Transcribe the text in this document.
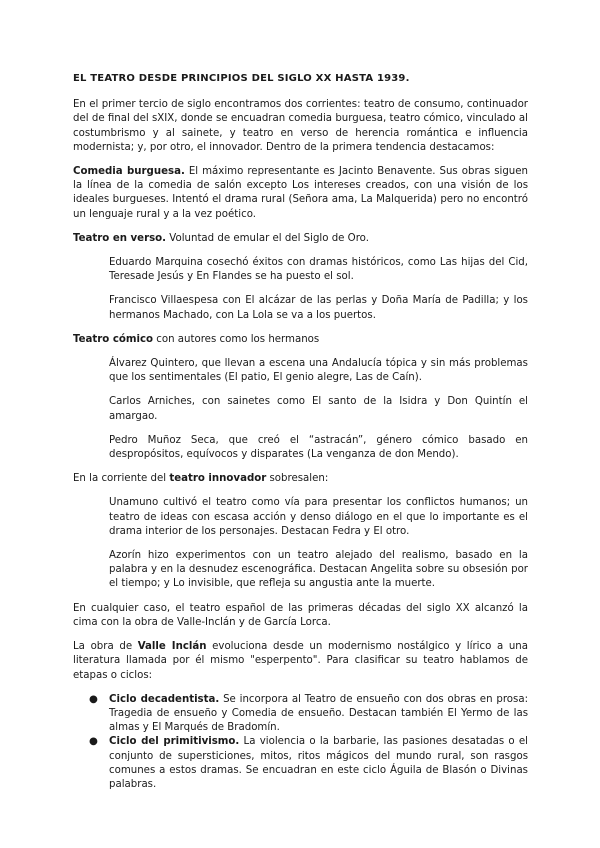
EL TEATRO DESDE PRINCIPIOS DEL SIGLO XX HASTA 1939.

En el primer tercio de siglo encontramos dos corrientes: teatro de consumo, continuador del de final del sXIX, donde se encuadran comedia burguesa, teatro cómico, vinculado al costumbrismo y al sainete, y teatro en verso de herencia romántica e influencia modernista; y, por otro, el innovador. Dentro de la primera tendencia destacamos:

Comedia burguesa. El máximo representante es Jacinto Benavente. Sus obras siguen la línea de la comedia de salón excepto Los intereses creados, con una visión de los ideales burgueses. Intentó el drama rural (Señora ama, La Malquerida) pero no encontró un lenguaje rural y a la vez poético.

Teatro en verso. Voluntad de emular el del Siglo de Oro.

Eduardo Marquina cosechó éxitos con dramas históricos, como Las hijas del Cid, Teresade Jesús y En Flandes se ha puesto el sol.

Francisco Villaespesa con El alcázar de las perlas y Doña María de Padilla; y los hermanos Machado, con La Lola se va a los puertos.

Teatro cómico con autores como los hermanos

Álvarez Quintero, que llevan a escena una Andalucía tópica y sin más problemas que los sentimentales (El patio, El genio alegre, Las de Caín).

Carlos Arniches, con sainetes como El santo de la Isidra y Don Quintín el amargao.

Pedro Muñoz Seca, que creó el “astracán”, género cómico basado en despropósitos, equívocos y disparates (La venganza de don Mendo).

En la corriente del teatro innovador sobresalen:

Unamuno cultivó el teatro como vía para presentar los conflictos humanos; un teatro de ideas con escasa acción y denso diálogo en el que lo importante es el drama interior de los personajes. Destacan Fedra y El otro.

Azorín hizo experimentos con un teatro alejado del realismo, basado en la palabra y en la desnudez escenográfica. Destacan Angelita sobre su obsesión por el tiempo; y Lo invisible, que refleja su angustia ante la muerte.

En cualquier caso, el teatro español de las primeras décadas del siglo XX alcanzó la cima con la obra de Valle-Inclán y de García Lorca.

La obra de Valle Inclán evoluciona desde un modernismo nostálgico y lírico a una literatura llamada por él mismo "esperpento". Para clasificar su teatro hablamos de etapas o ciclos:

● Ciclo decadentista. Se incorpora al Teatro de ensueño con dos obras en prosa: Tragedia de ensueño y Comedia de ensueño. Destacan también El Yermo de las almas y El Marqués de Bradomín.
● Ciclo del primitivismo. La violencia o la barbarie, las pasiones desatadas o el conjunto de supersticiones, mitos, ritos mágicos del mundo rural, son rasgos comunes a estos dramas. Se encuadran en este ciclo Águila de Blasón o Divinas palabras.
